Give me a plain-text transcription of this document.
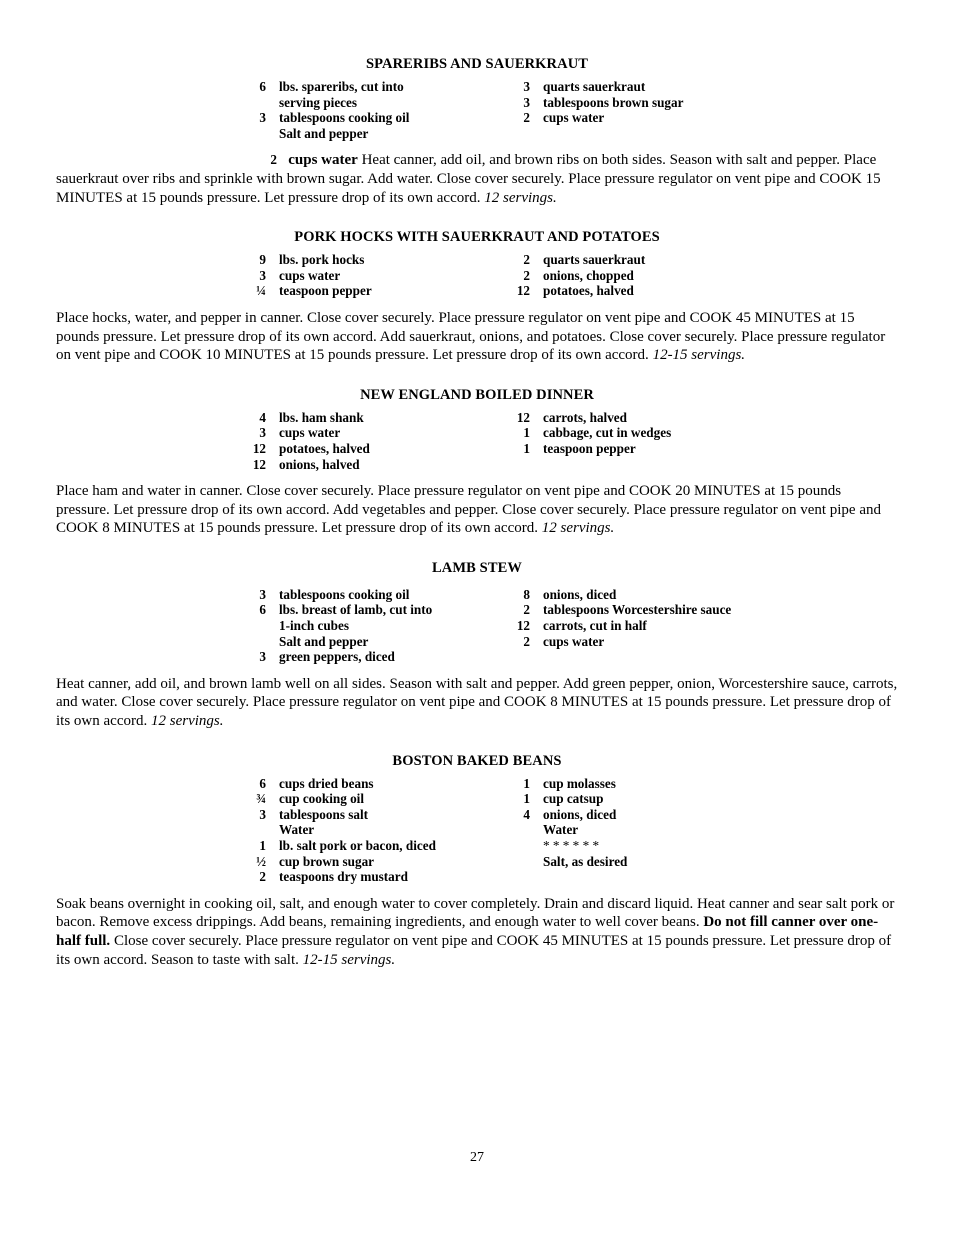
SPARERIBS AND SAUERKRAUT
6 lbs. spareribs, cut into
serving pieces
3 tablespoons cooking oil
Salt and pepper
3 quarts sauerkraut
3 tablespoons brown sugar
2 cups water

2 cups water Heat canner, add oil, and brown ribs on both sides. Season with salt and pepper. Place sauerkraut over ribs and sprinkle with brown sugar. Add water. Close cover securely. Place pressure regulator on vent pipe and COOK 15 MINUTES at 15 pounds pressure. Let pressure drop of its own accord. 12 servings.

PORK HOCKS WITH SAUERKRAUT AND POTATOES
9 lbs. pork hocks
3 cups water
¼ teaspoon pepper
2 quarts sauerkraut
2 onions, chopped
12 potatoes, halved

Place hocks, water, and pepper in canner. Close cover securely. Place pressure regulator on vent pipe and COOK 45 MINUTES at 15 pounds pressure. Let pressure drop of its own accord. Add sauerkraut, onions, and potatoes. Close cover securely. Place pressure regulator on vent pipe and COOK 10 MINUTES at 15 pounds pressure. Let pressure drop of its own accord. 12-15 servings.

NEW ENGLAND BOILED DINNER
4 lbs. ham shank
3 cups water
12 potatoes, halved
12 onions, halved
12 carrots, halved
1 cabbage, cut in wedges
1 teaspoon pepper

Place ham and water in canner. Close cover securely. Place pressure regulator on vent pipe and COOK 20 MINUTES at 15 pounds pressure. Let pressure drop of its own accord. Add vegetables and pepper. Close cover securely. Place pressure regulator on vent pipe and COOK 8 MINUTES at 15 pounds pressure. Let pressure drop of its own accord. 12 servings.

LAMB STEW
3 tablespoons cooking oil
6 lbs. breast of lamb, cut into
1-inch cubes
Salt and pepper
3 green peppers, diced
8 onions, diced
2 tablespoons Worcestershire sauce
12 carrots, cut in half
2 cups water

Heat canner, add oil, and brown lamb well on all sides. Season with salt and pepper. Add green pepper, onion, Worcestershire sauce, carrots, and water. Close cover securely. Place pressure regulator on vent pipe and COOK 8 MINUTES at 15 pounds pressure. Let pressure drop of its own accord. 12 servings.

BOSTON BAKED BEANS
6 cups dried beans
¾ cup cooking oil
3 tablespoons salt
Water
1 lb. salt pork or bacon, diced
½ cup brown sugar
2 teaspoons dry mustard
1 cup molasses
1 cup catsup
4 onions, diced
Water
* * * * * *
Salt, as desired

Soak beans overnight in cooking oil, salt, and enough water to cover completely. Drain and discard liquid. Heat canner and sear salt pork or bacon. Remove excess drippings. Add beans, remaining ingredients, and enough water to well cover beans. Do not fill canner over one-half full. Close cover securely. Place pressure regulator on vent pipe and COOK 45 MINUTES at 15 pounds pressure. Let pressure drop of its own accord. Season to taste with salt. 12-15 servings.

27
